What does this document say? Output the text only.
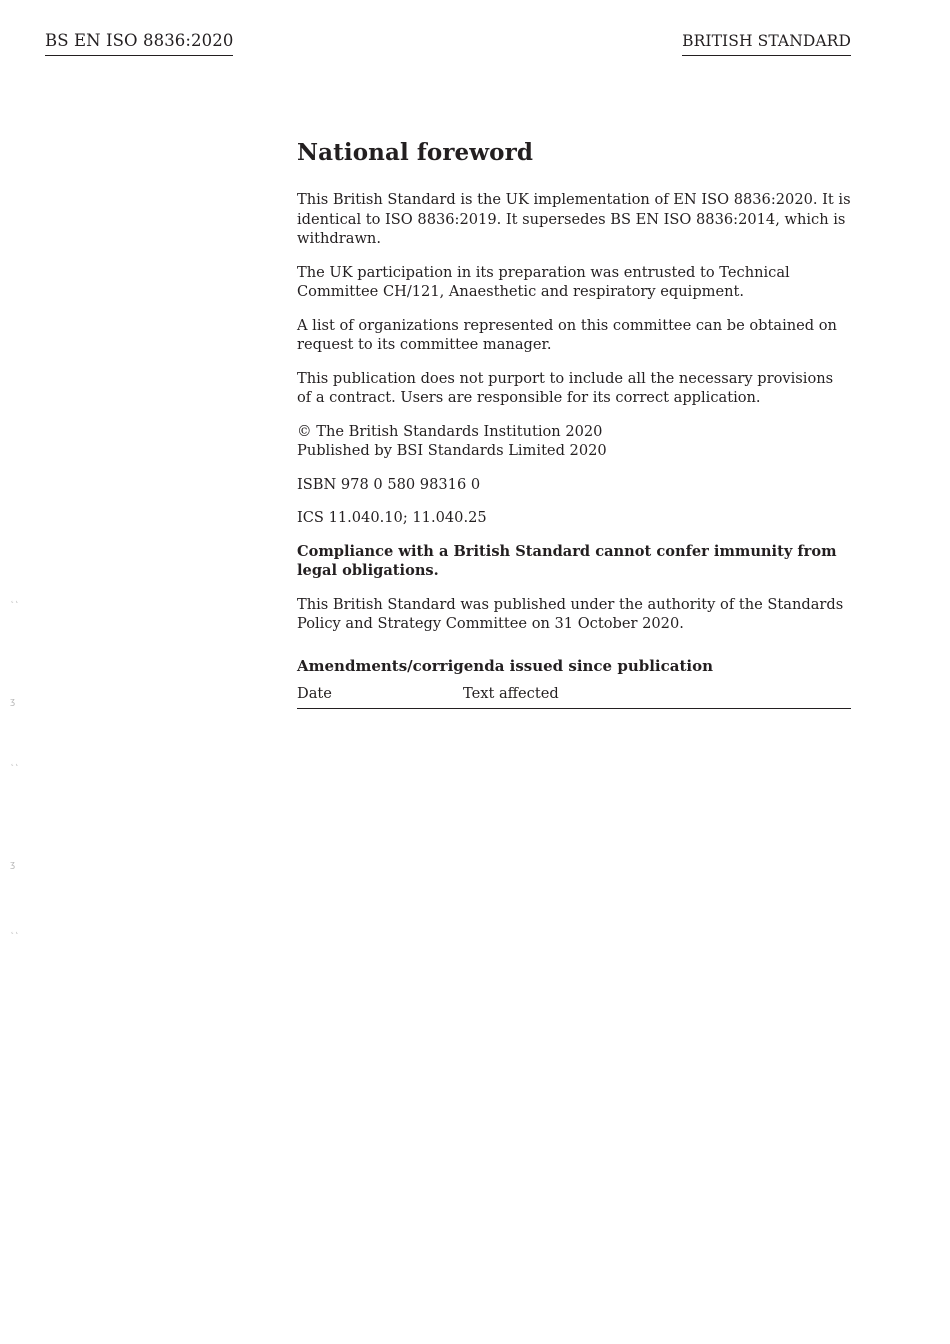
BS EN ISO 8836:2020	BRITISH STANDARD
National foreword

This British Standard is the UK implementation of EN ISO 8836:2020. It is identical to ISO 8836:2019. It supersedes BS EN ISO 8836:2014, which is withdrawn.

The UK participation in its preparation was entrusted to Technical Committee CH/121, Anaesthetic and respiratory equipment.

A list of organizations represented on this committee can be obtained on request to its committee manager.

This publication does not purport to include all the necessary provisions of a contract. Users are responsible for its correct application.

© The British Standards Institution 2020
Published by BSI Standards Limited 2020

ISBN 978 0 580 98316 0

ICS 11.040.10; 11.040.25

Compliance with a British Standard cannot confer immunity from legal obligations.

This British Standard was published under the authority of the Standards Policy and Strategy Committee on 31 October 2020.

Amendments/corrigenda issued since publication
Date	Text affected
˛˛
ʒ
˛˛
ʒ
˛˛
